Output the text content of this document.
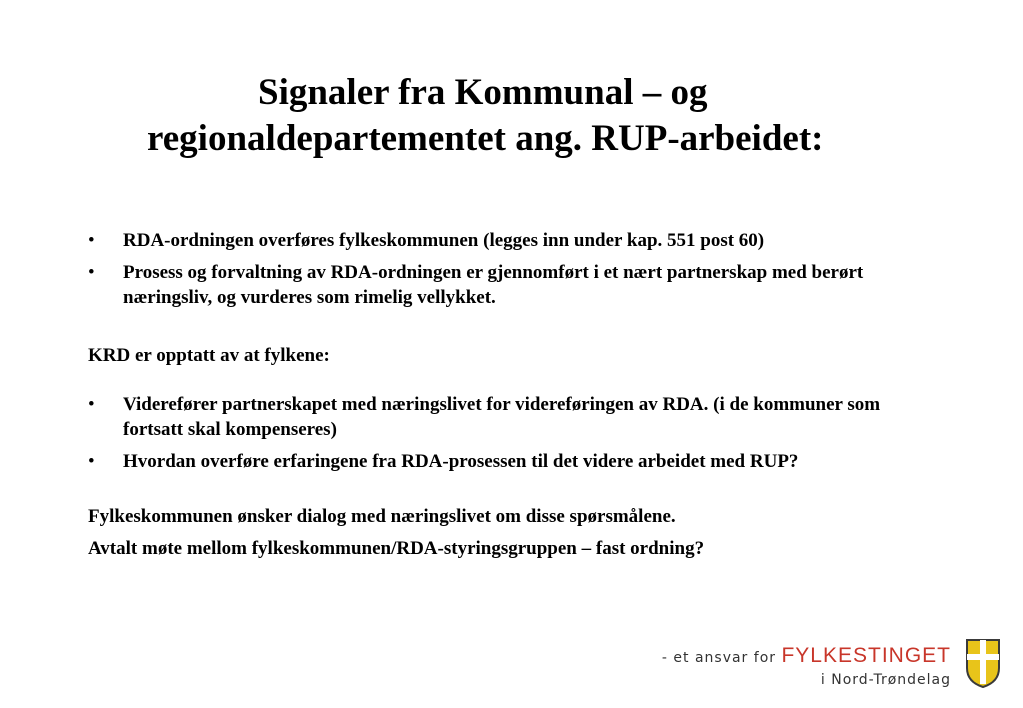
Signaler fra Kommunal – og
regionaldepartementet ang. RUP-arbeidet:
• RDA-ordningen overføres fylkeskommunen (legges inn under kap. 551 post 60)
• Prosess og forvaltning av RDA-ordningen er gjennomført i et nært partnerskap med berørt næringsliv, og vurderes som rimelig vellykket.

KRD er opptatt av at fylkene:

• Viderefører partnerskapet med næringslivet for videreføringen av RDA. (i de kommuner som fortsatt skal kompenseres)
• Hvordan overføre erfaringene fra RDA-prosessen til det videre arbeidet med RUP?

Fylkeskommunen ønsker dialog med næringslivet om disse spørsmålene.

Avtalt møte mellom fylkeskommunen/RDA-styringsgruppen – fast ordning?

- et ansvar for FYLKESTINGET
i Nord-Trøndelag
